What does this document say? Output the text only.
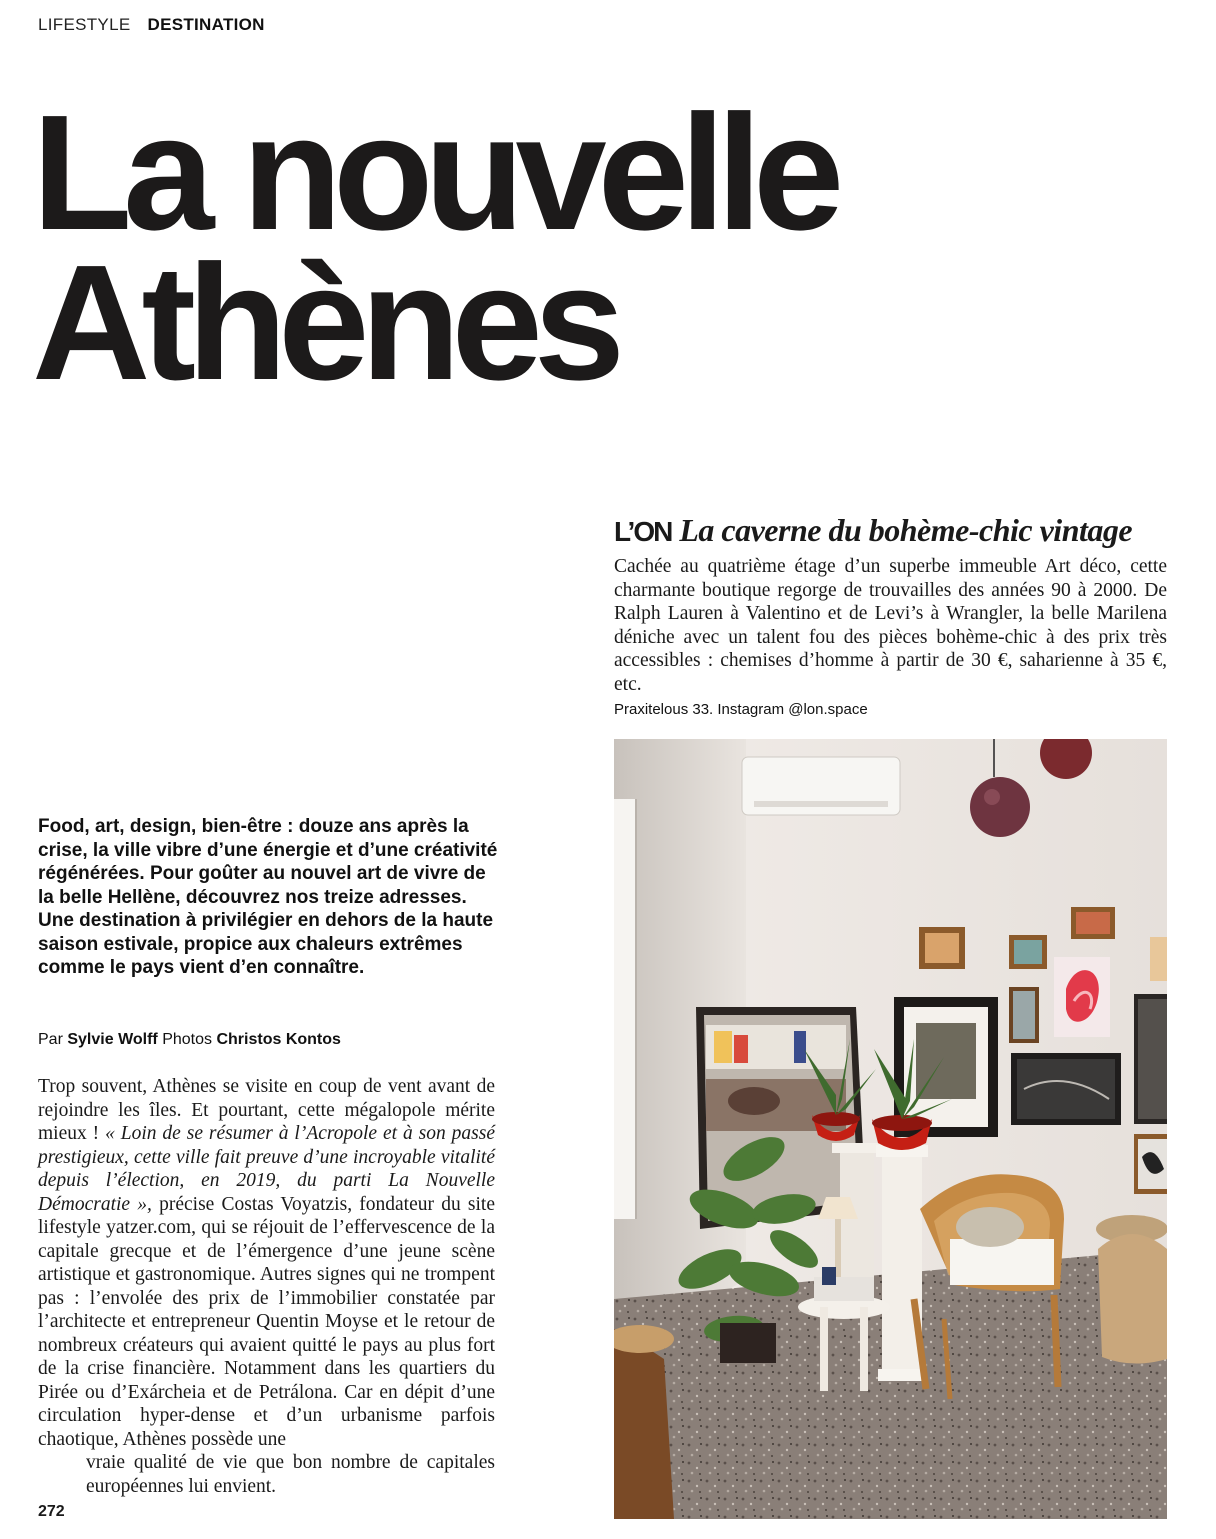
LIFESTYLE DESTINATION
La nouvelle
Athènes
L’ON La caverne du bohème-chic vintage

Cachée au quatrième étage d’un superbe immeuble Art déco, cette charmante boutique regorge de trouvailles des années 90 à 2000. De Ralph Lauren à Valentino et de Levi’s à Wrangler, la belle Marilena déniche avec un talent fou des pièces bohème-chic à des prix très accessibles : chemises d’homme à partir de 30 €, saharienne à 35 €, etc.

Praxitelous 33. Instagram @lon.space

Food, art, design, bien-être : douze ans après la crise, la ville vibre d’une énergie et d’une créativité régénérées. Pour goûter au nouvel art de vivre de la belle Hellène, découvrez nos treize adresses. Une destination à privilégier en dehors de la haute saison estivale, propice aux chaleurs extrêmes comme le pays vient d’en connaître.

Par Sylvie Wolff Photos Christos Kontos

Trop souvent, Athènes se visite en coup de vent avant de rejoindre les îles. Et pourtant, cette mégalopole mérite mieux ! « Loin de se résumer à l’Acropole et à son passé prestigieux, cette ville fait preuve d’une incroyable vitalité depuis l’élection, en 2019, du parti La Nouvelle Démocratie », précise Costas Voyatzis, fondateur du site lifestyle yatzer.com, qui se réjouit de l’effervescence de la capitale grecque et de l’émergence d’une jeune scène artistique et gastronomique. Autres signes qui ne trompent pas : l’envolée des prix de l’immobilier constatée par l’architecte et entrepreneur Quentin Moyse et le retour de nombreux créateurs qui avaient quitté le pays au plus fort de la crise financière. Notamment dans les quartiers du Pirée ou d’Exárcheia et de Petrálona. Car en dépit d’une circulation hyper-dense et d’un urbanisme parfois chaotique, Athènes possède une
vraie qualité de vie que bon nombre de capitales européennes lui envient.

272
